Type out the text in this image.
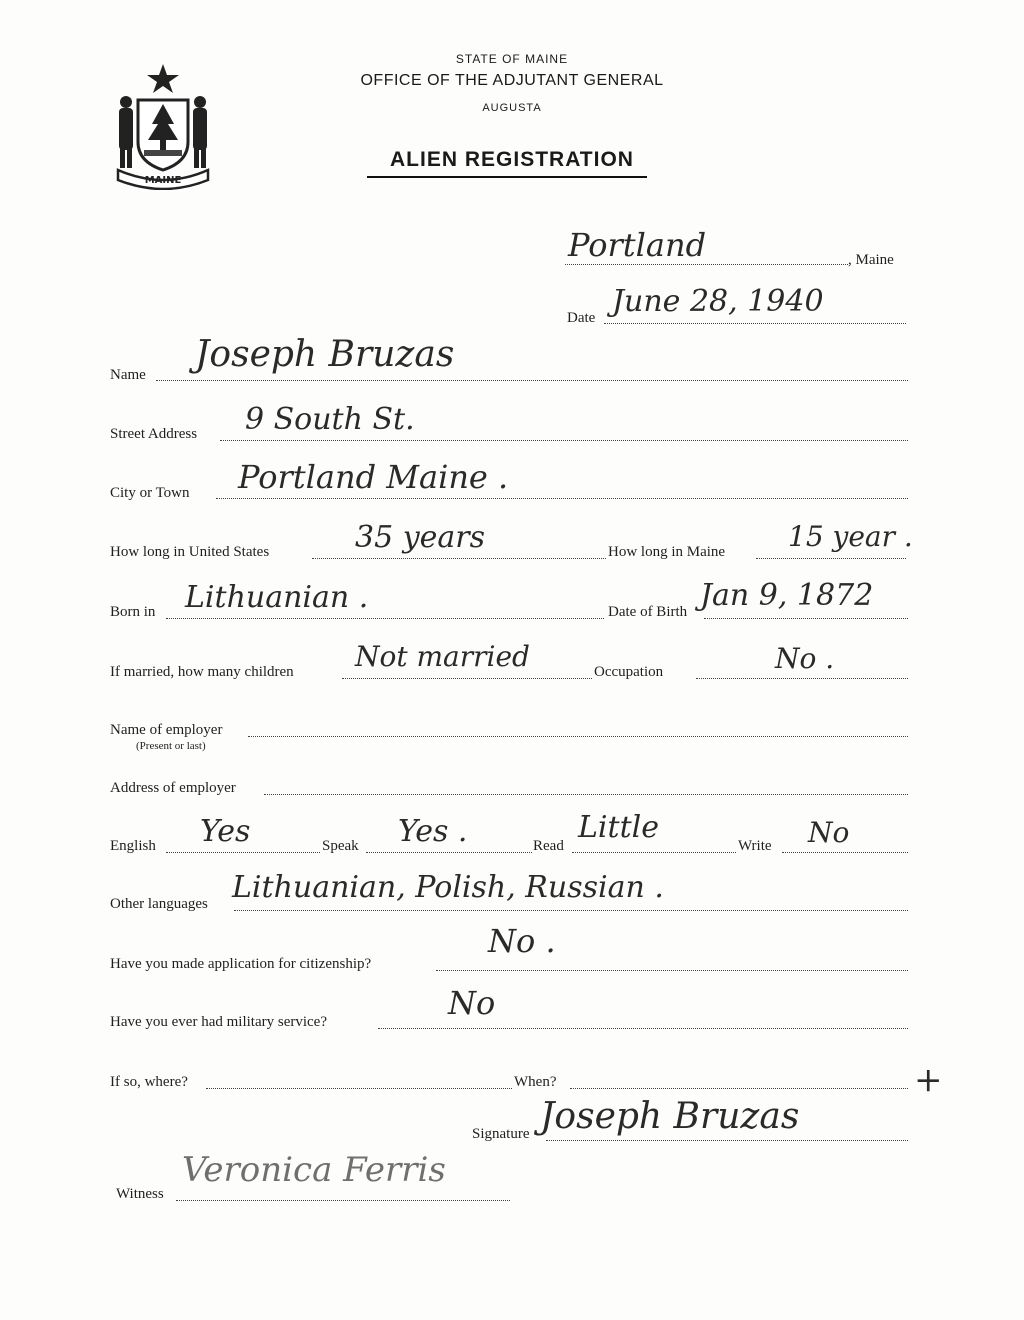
MAINE
STATE OF MAINE
OFFICE OF THE ADJUTANT GENERAL
AUGUSTA
ALIEN REGISTRATION
Portland	, Maine
Date June 28, 1940
Name Joseph Bruzas
Street Address 9 South St.
City or Town Portland Maine .
How long in United States	35 years	How long in Maine 15 year .
Born in Lithuanian .	Date of Birth Jan 9, 1872
If married, how many children Not married	Occupation	No .
Name of employer
(Present or last)
Address of employer
English Yes	Speak Yes .	Read
Little
Write No
Other languages Lithuanian, Polish, Russian .
Have you made application for citizenship?
No .
Have you ever had military service?	No
If so, where?	When?	+
Signature Joseph Bruzas
Witness
Veronica Ferris
